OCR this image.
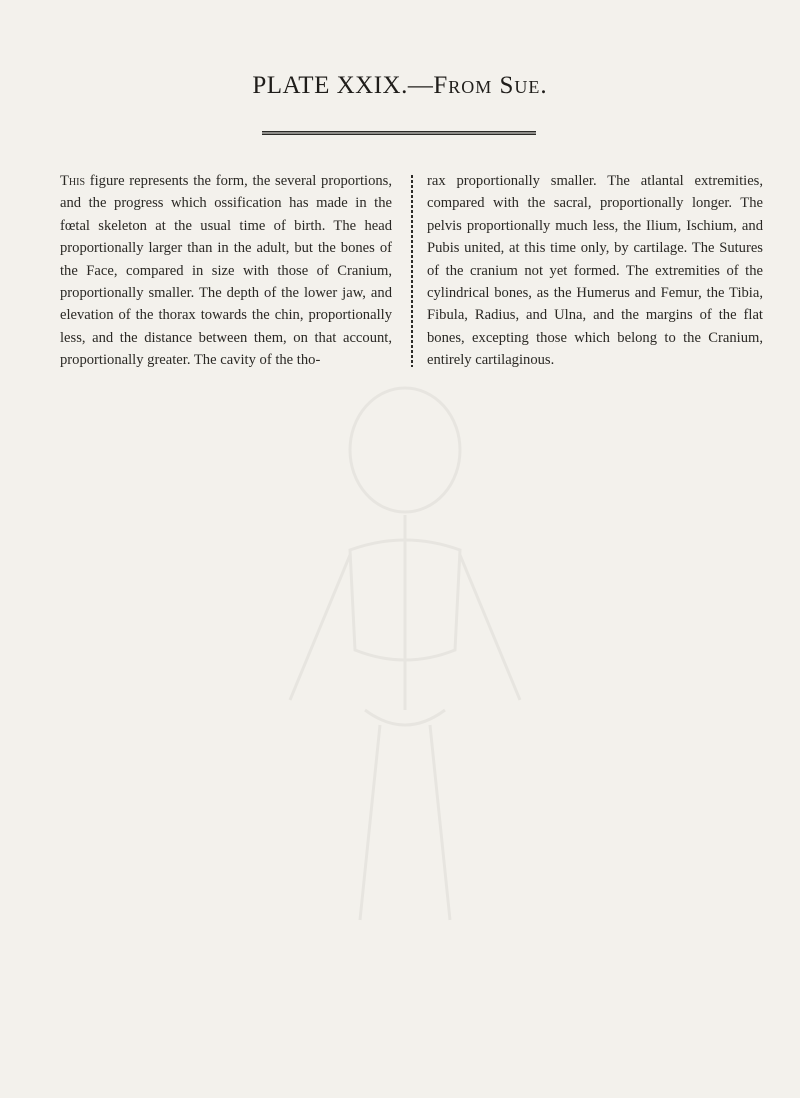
PLATE XXIX.—From Sue.
This figure represents the form, the several proportions, and the progress which ossification has made in the fœtal skeleton at the usual time of birth. The head proportionally larger than in the adult, but the bones of the Face, compared in size with those of Cranium, proportionally smaller. The depth of the lower jaw, and elevation of the thorax towards the chin, proportionally less, and the distance between them, on that account, proportionally greater. The cavity of the tho-
rax proportionally smaller. The atlantal extremities, compared with the sacral, proportionally longer. The pelvis proportionally much less, the Ilium, Ischium, and Pubis united, at this time only, by cartilage. The Sutures of the cranium not yet formed. The extremities of the cylindrical bones, as the Humerus and Femur, the Tibia, Fibula, Radius, and Ulna, and the margins of the flat bones, excepting those which belong to the Cranium, entirely cartilaginous.
